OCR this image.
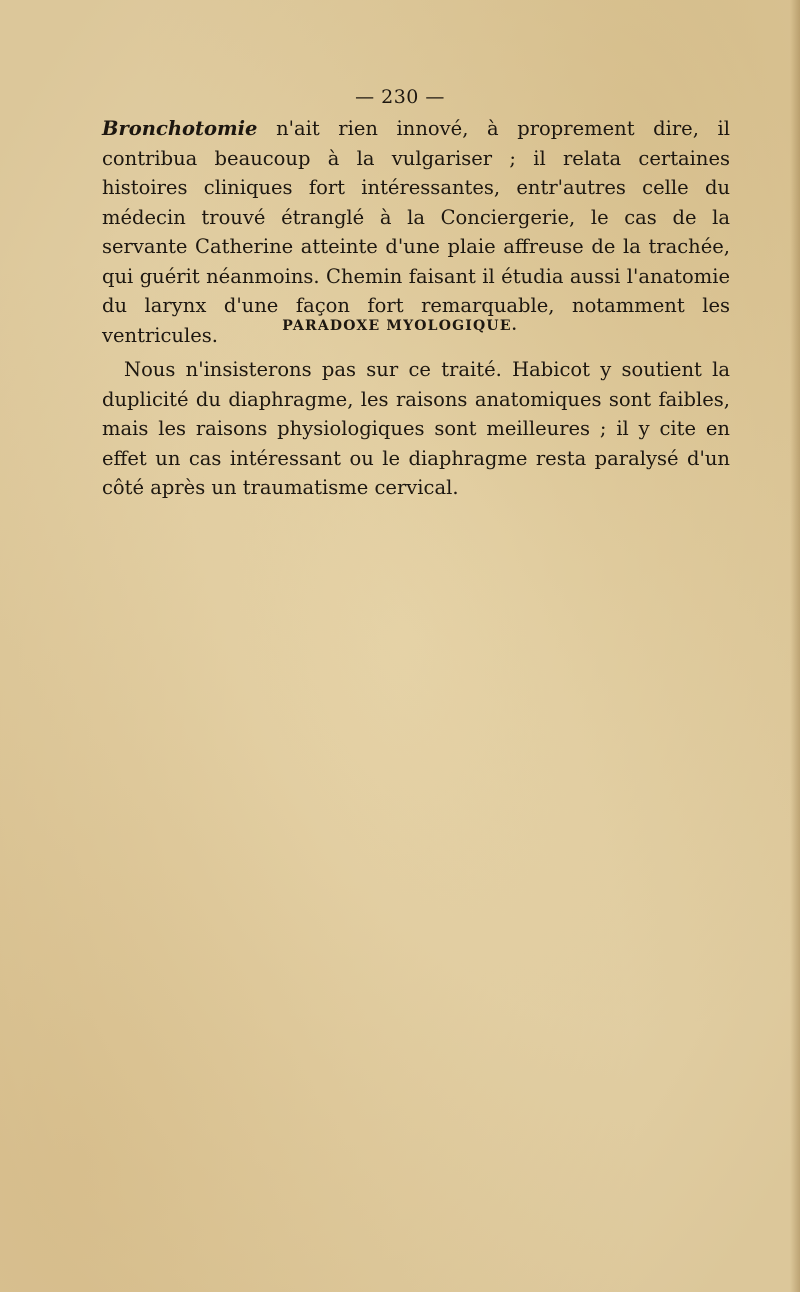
— 230 —

Bronchotomie n'ait rien innové, à proprement dire, il contribua beaucoup à la vulgariser ; il relata certaines histoires cliniques fort intéressantes, entr'autres celle du médecin trouvé étranglé à la Conciergerie, le cas de la servante Catherine atteinte d'une plaie affreuse de la trachée, qui guérit néanmoins. Chemin faisant il étudia aussi l'anatomie du larynx d'une façon fort remarquable, notamment les ventricules.	PARADOXE MYOLOGIQUE.

Nous n'insisterons pas sur ce traité. Habicot y soutient la duplicité du diaphragme, les raisons anatomiques sont faibles, mais les raisons physiologiques sont meilleures ; il y cite en effet un cas intéressant ou le diaphragme resta paralysé d'un côté après un traumatisme cervical.
